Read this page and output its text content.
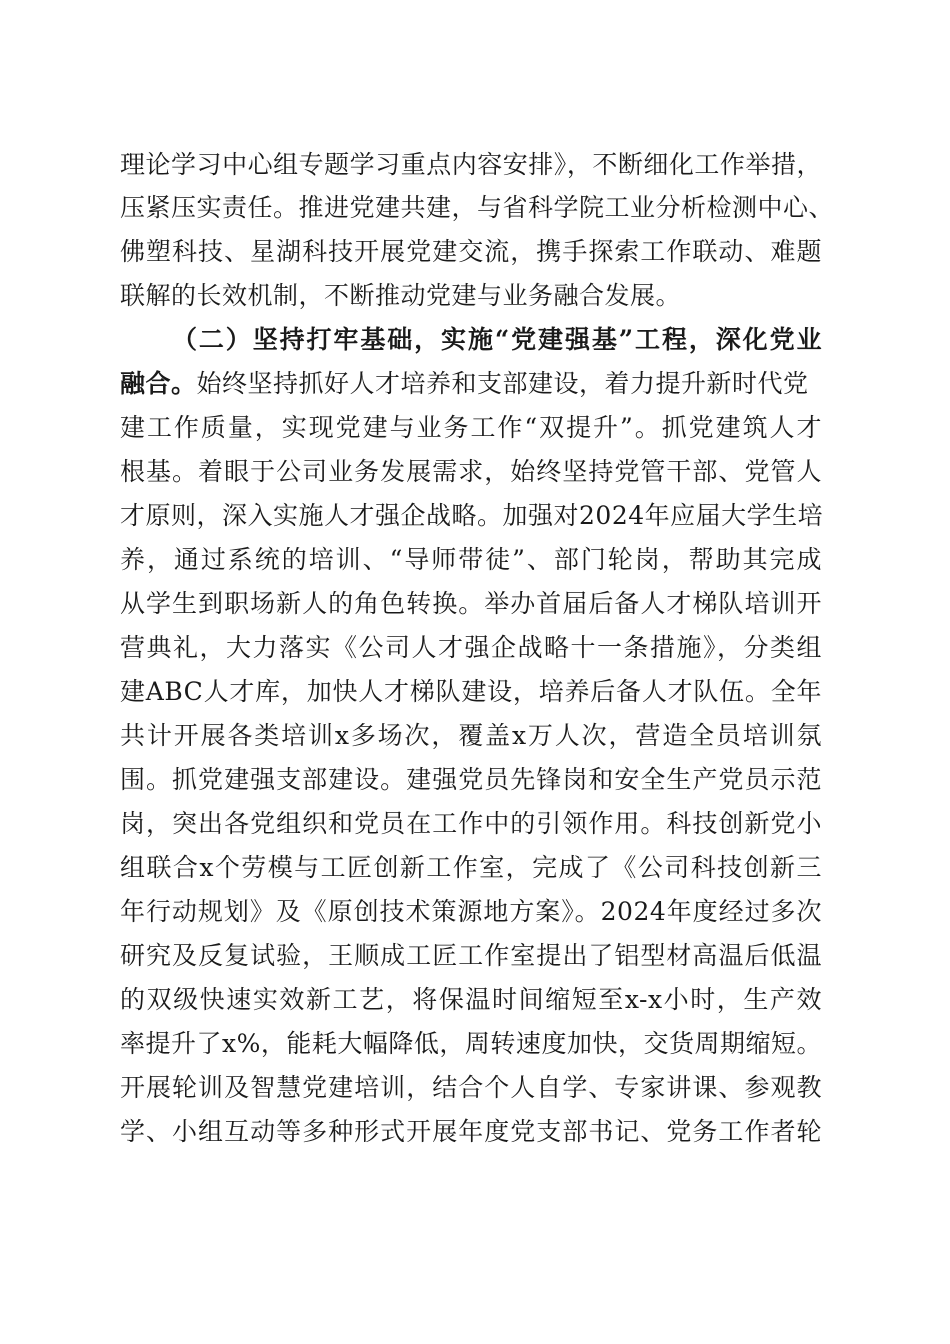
理论学习中心组专题学习重点内容安排》，不断细化工作举措，
压紧压实责任。推进党建共建，与省科学院工业分析检测中心、
佛塑科技、星湖科技开展党建交流，携手探索工作联动、难题
联解的长效机制，不断推动党建与业务融合发展。
（二）坚持打牢基础，实施“党建强基”工程，深化党业
融合。始终坚持抓好人才培养和支部建设，着力提升新时代党
建工作质量，实现党建与业务工作“双提升”。抓党建筑人才
根基。着眼于公司业务发展需求，始终坚持党管干部、党管人
才原则，深入实施人才强企战略。加强对2024年应届大学生培
养，通过系统的培训、“导师带徒”、部门轮岗，帮助其完成
从学生到职场新人的角色转换。举办首届后备人才梯队培训开
营典礼，大力落实《公司人才强企战略十一条措施》，分类组
建ABC人才库，加快人才梯队建设，培养后备人才队伍。全年
共计开展各类培训x多场次，覆盖x万人次，营造全员培训氛
围。抓党建强支部建设。建强党员先锋岗和安全生产党员示范
岗，突出各党组织和党员在工作中的引领作用。科技创新党小
组联合x个劳模与工匠创新工作室，完成了《公司科技创新三
年行动规划》及《原创技术策源地方案》。2024年度经过多次
研究及反复试验，王顺成工匠工作室提出了铝型材高温后低温
的双级快速实效新工艺，将保温时间缩短至x-x小时，生产效
率提升了x%，能耗大幅降低，周转速度加快，交货周期缩短。
开展轮训及智慧党建培训，结合个人自学、专家讲课、参观教
学、小组互动等多种形式开展年度党支部书记、党务工作者轮
